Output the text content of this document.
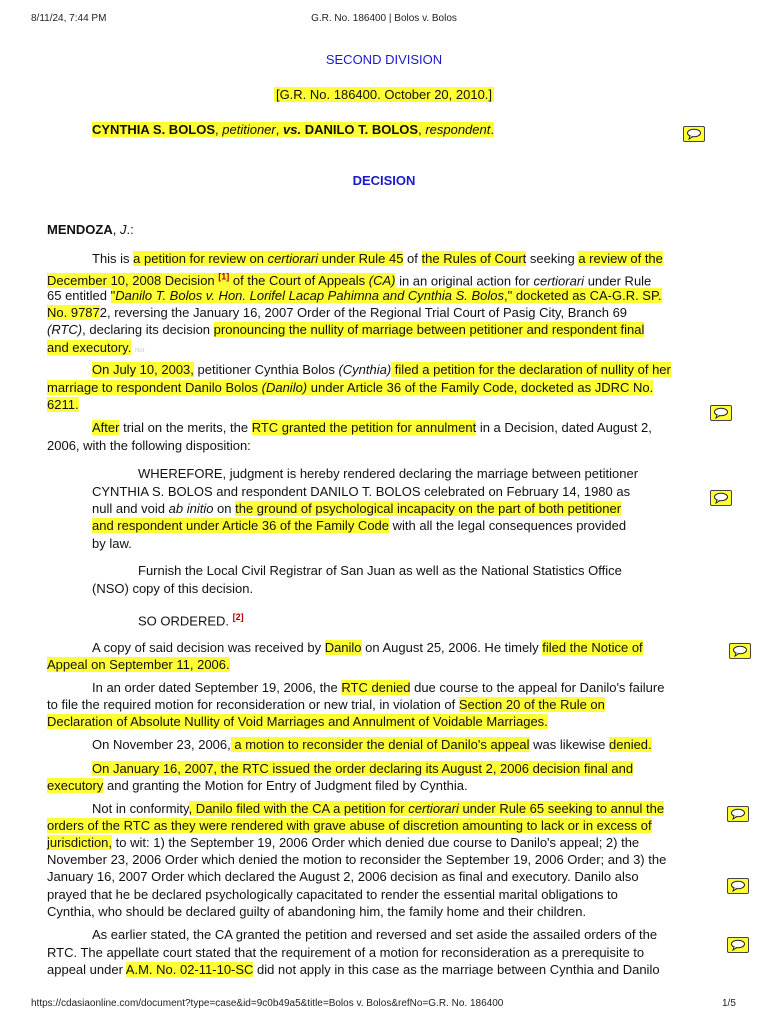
8/11/24, 7:44 PM	G.R. No. 186400 | Bolos v. Bolos
SECOND DIVISION
[G.R. No. 186400. October 20, 2010.]
CYNTHIA S. BOLOS, petitioner, vs. DANILO T. BOLOS, respondent.
DECISION
MENDOZA, J.:
This is a petition for review on certiorari under Rule 45 of the Rules of Court seeking a review of the
December 10, 2008 Decision [1] of the Court of Appeals (CA) in an original action for certiorari under Rule
65 entitled "Danilo T. Bolos v. Hon. Lorifel Lacap Pahimna and Cynthia S. Bolos," docketed as CA-G.R. SP.
No. 97872, reversing the January 16, 2007 Order of the Regional Trial Court of Pasig City, Branch 69
(RTC), declaring its decision pronouncing the nullity of marriage between petitioner and respondent final
and executory. Not
On July 10, 2003, petitioner Cynthia Bolos (Cynthia) filed a petition for the declaration of nullity of her
marriage to respondent Danilo Bolos (Danilo) under Article 36 of the Family Code, docketed as JDRC No.
6211.
After trial on the merits, the RTC granted the petition for annulment in a Decision, dated August 2,
2006, with the following disposition:
WHEREFORE, judgment is hereby rendered declaring the marriage between petitioner
CYNTHIA S. BOLOS and respondent DANILO T. BOLOS celebrated on February 14, 1980 as
null and void ab initio on the ground of psychological incapacity on the part of both petitioner
and respondent under Article 36 of the Family Code with all the legal consequences provided
by law.
Furnish the Local Civil Registrar of San Juan as well as the National Statistics Office
(NSO) copy of this decision.
SO ORDERED. [2]
A copy of said decision was received by Danilo on August 25, 2006. He timely filed the Notice of
Appeal on September 11, 2006.
In an order dated September 19, 2006, the RTC denied due course to the appeal for Danilo's failure
to file the required motion for reconsideration or new trial, in violation of Section 20 of the Rule on
Declaration of Absolute Nullity of Void Marriages and Annulment of Voidable Marriages.
On November 23, 2006, a motion to reconsider the denial of Danilo's appeal was likewise denied.
On January 16, 2007, the RTC issued the order declaring its August 2, 2006 decision final and
executory and granting the Motion for Entry of Judgment filed by Cynthia.
Not in conformity, Danilo filed with the CA a petition for certiorari under Rule 65 seeking to annul the
orders of the RTC as they were rendered with grave abuse of discretion amounting to lack or in excess of
jurisdiction, to wit: 1) the September 19, 2006 Order which denied due course to Danilo's appeal; 2) the
November 23, 2006 Order which denied the motion to reconsider the September 19, 2006 Order; and 3) the
January 16, 2007 Order which declared the August 2, 2006 decision as final and executory. Danilo also
prayed that he be declared psychologically capacitated to render the essential marital obligations to
Cynthia, who should be declared guilty of abandoning him, the family home and their children.
As earlier stated, the CA granted the petition and reversed and set aside the assailed orders of the
RTC. The appellate court stated that the requirement of a motion for reconsideration as a prerequisite to
appeal under A.M. No. 02-11-10-SC did not apply in this case as the marriage between Cynthia and Danilo
https://cdasiaonline.com/document?type=case&id=9c0b49a5&title=Bolos v. Bolos&refNo=G.R. No. 186400	1/5
